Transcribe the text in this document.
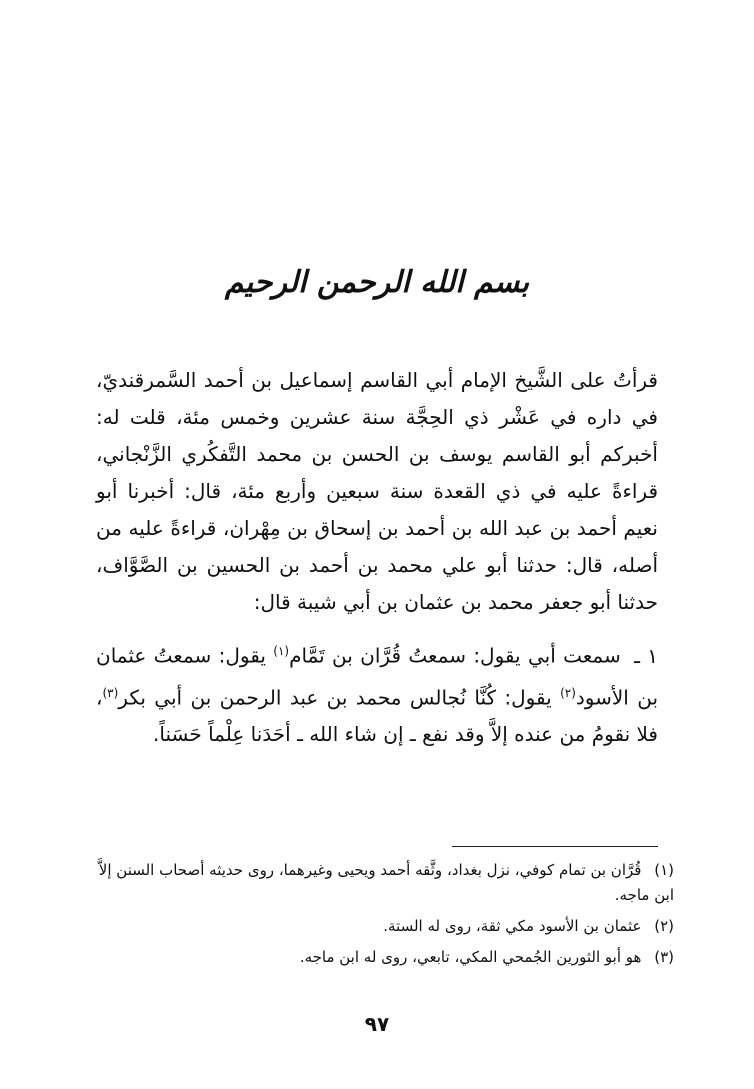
بسم الله الرحمن الرحيم

قرأتُ على الشَّيخ الإمام أبي القاسم إسماعيل بن أحمد السَّمرقنديّ، في داره في عَشْر ذي الحِجَّة سنة عشرين وخمس مئة، قلت له: أخبركم أبو القاسم يوسف بن الحسن بن محمد التَّفكُري الزَّنْجاني، قراءةً عليه في ذي القعدة سنة سبعين وأربع مئة، قال: أخبرنا أبو نعيم أحمد بن عبد الله بن أحمد بن إسحاق بن مِهْران، قراءةً عليه من أصله، قال: حدثنا أبو علي محمد بن أحمد بن الحسين بن الصَّوَّاف، حدثنا أبو جعفر محمد بن عثمان بن أبي شيبة قال:

١ ـ سمعت أبي يقول: سمعتُ قُرَّان بن تَمَّام$^{(١)}$ يقول: سمعتُ عثمان بن الأسود$^{(٢)}$ يقول: كُنَّا نُجالس محمد بن عبد الرحمن بن أبي بكر$^{(٣)}$، فلا نقومُ من عنده إلاَّ وقد نفع ـ إن شاء الله ـ أحَدَنا عِلْماً حَسَناً.

(١) قُرَّان بن تمام كوفي، نزل بغداد، وثَّقه أحمد ويحيى وغيرهما، روى حديثه أصحاب السنن إلاَّ ابن ماجه.

(٢) عثمان بن الأسود مكي ثقة، روى له الستة.

(٣) هو أبو الثورين الجُمحي المكي، تابعي، روى له ابن ماجه.

٩٧
